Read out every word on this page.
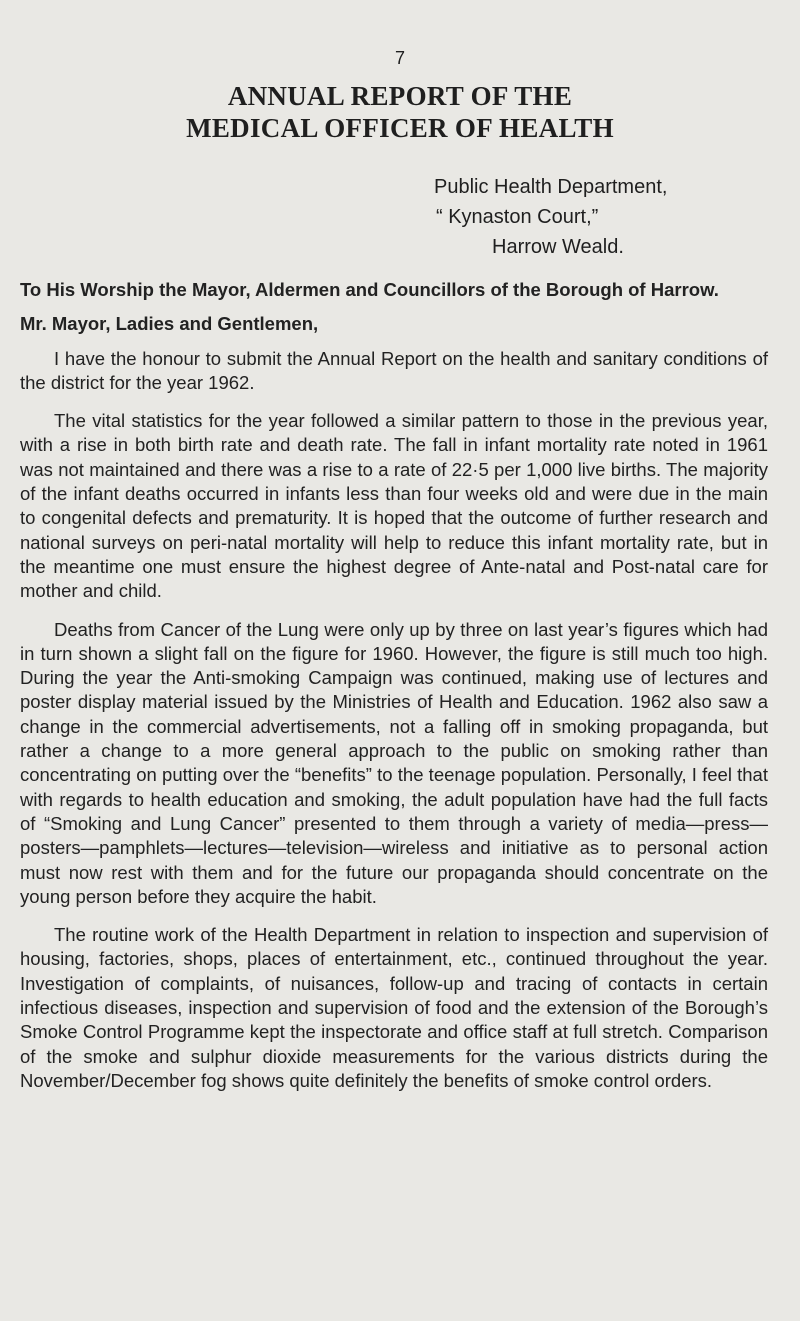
7
ANNUAL REPORT OF THE
MEDICAL OFFICER OF HEALTH
Public Health Department,
“ Kynaston Court,”
Harrow Weald.

To His Worship the Mayor, Aldermen and Councillors of the Borough of Harrow.

Mr. Mayor, Ladies and Gentlemen,

I have the honour to submit the Annual Report on the health and sanitary conditions of the district for the year 1962.

The vital statistics for the year followed a similar pattern to those in the previous year, with a rise in both birth rate and death rate. The fall in infant mortality rate noted in 1961 was not maintained and there was a rise to a rate of 22·5 per 1,000 live births. The majority of the infant deaths occurred in infants less than four weeks old and were due in the main to congenital defects and prematurity. It is hoped that the outcome of further research and national surveys on peri-natal mortality will help to reduce this infant mortality rate, but in the meantime one must ensure the highest degree of Ante-natal and Post-natal care for mother and child.

Deaths from Cancer of the Lung were only up by three on last year’s figures which had in turn shown a slight fall on the figure for 1960. However, the figure is still much too high. During the year the Anti-smoking Campaign was continued, making use of lectures and poster display material issued by the Ministries of Health and Education. 1962 also saw a change in the commercial advertisements, not a falling off in smoking propaganda, but rather a change to a more general approach to the public on smoking rather than concentrating on putting over the “benefits” to the teenage population. Personally, I feel that with regards to health education and smoking, the adult population have had the full facts of “Smoking and Lung Cancer” presented to them through a variety of media—press—posters—pamphlets—lectures—television—wireless and initiative as to personal action must now rest with them and for the future our propaganda should concentrate on the young person before they acquire the habit.

The routine work of the Health Department in relation to inspection and supervision of housing, factories, shops, places of entertainment, etc., continued throughout the year. Investigation of complaints, of nuisances, follow-up and tracing of contacts in certain infectious diseases, inspection and supervision of food and the extension of the Borough’s Smoke Control Programme kept the inspectorate and office staff at full stretch. Comparison of the smoke and sulphur dioxide measurements for the various districts during the November/December fog shows quite definitely the benefits of smoke control orders.
